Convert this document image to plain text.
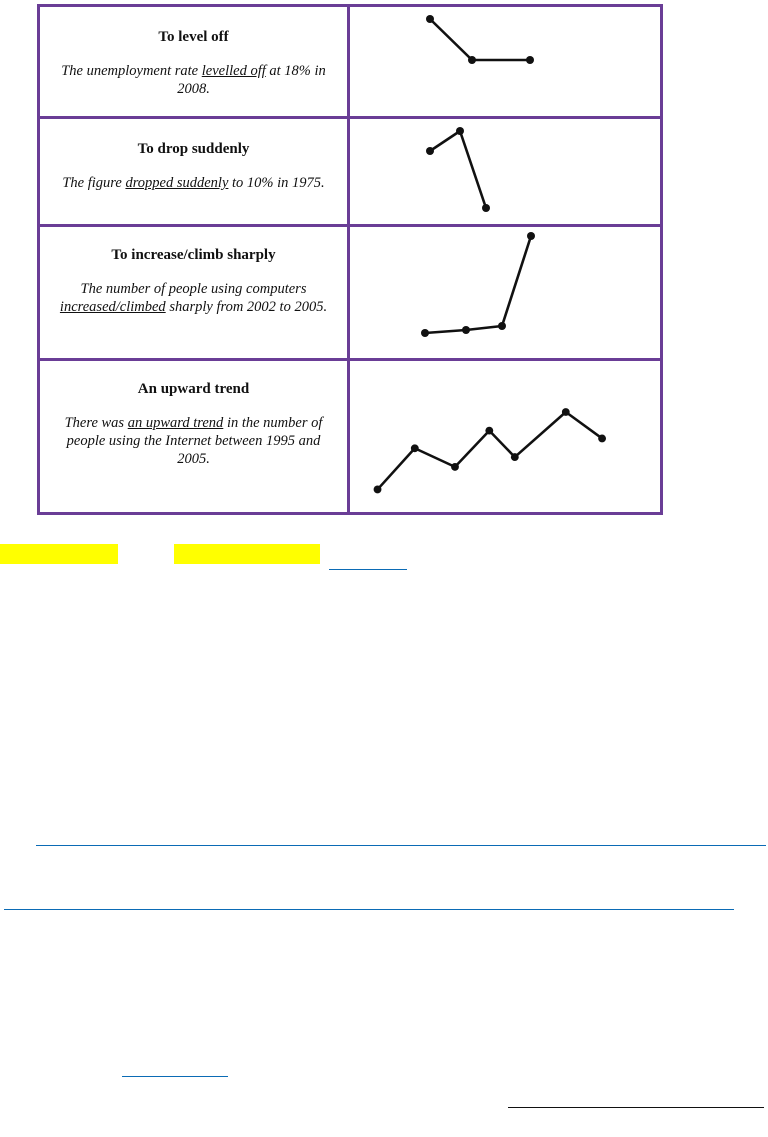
To level off

The unemployment rate levelled off at 18% in 2008.

To drop suddenly

The figure dropped suddenly to 10% in 1975.

To increase/climb sharply

The number of people using computers increased/climbed sharply from 2002 to 2005.

An upward trend

There was an upward trend in the number of people using the Internet between 1995 and 2005.
